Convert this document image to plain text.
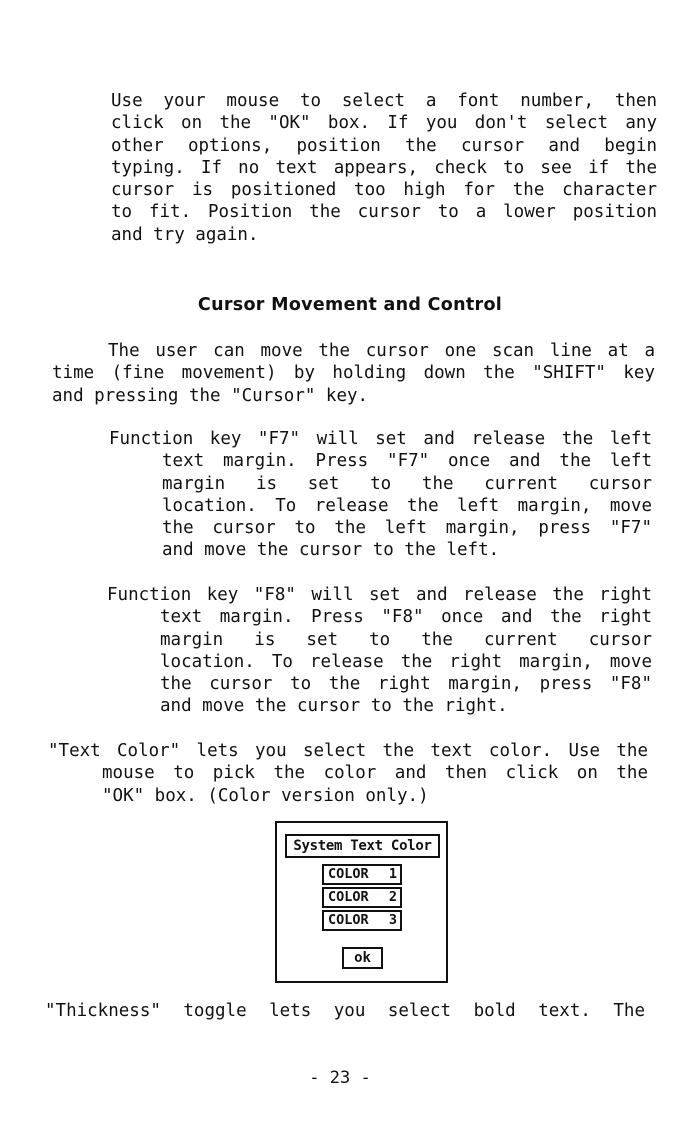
Use your mouse to select a font number, then
click on the "OK" box. If you don't select any
other options, position the cursor and begin
typing. If no text appears, check to see if the
cursor is positioned too high for the character
to fit. Position the cursor to a lower position
and try again.
Cursor Movement and Control
The user can move the cursor one scan line at a
time (fine movement) by holding down the "SHIFT" key
and pressing the "Cursor" key.
Function key "F7" will set and release the left
text margin. Press "F7" once and the left
margin is set to the current cursor
location. To release the left margin, move
the cursor to the left margin, press "F7"
and move the cursor to the left.
Function key "F8" will set and release the right
text margin. Press "F8" once and the right
margin is set to the current cursor
location. To release the right margin, move
the cursor to the right margin, press "F8"
and move the cursor to the right.
"Text Color" lets you select the text color. Use the
mouse to pick the color and then click on the
"OK" box. (Color version only.)
System Text Color
COLOR 1
COLOR 2
COLOR 3
ok
"Thickness" toggle lets you select bold text. The
- 23 -
